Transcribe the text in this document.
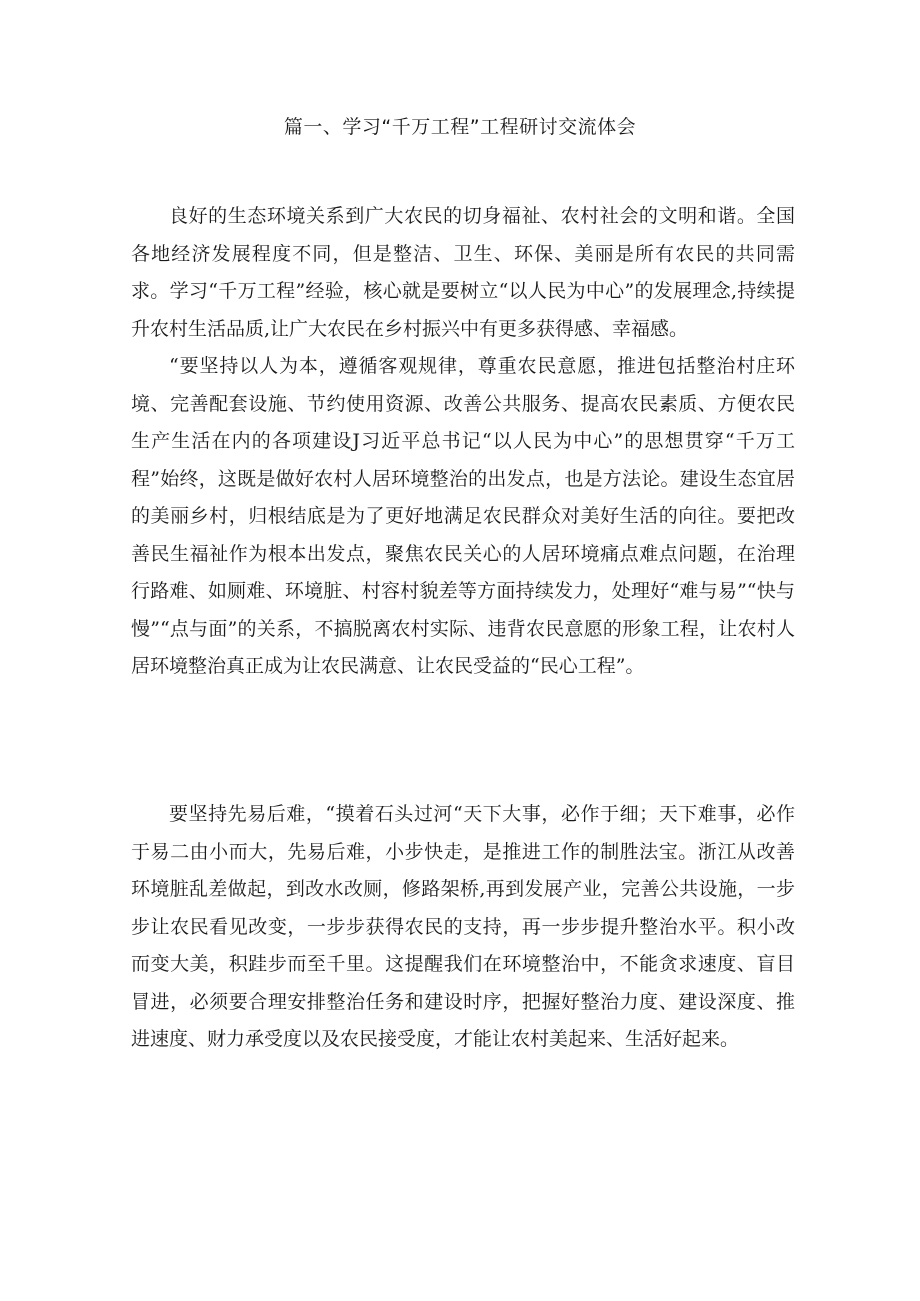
篇一、学习“千万工程”工程研讨交流体会

良好的生态环境关系到广大农民的切身福祉、农村社会的文明和谐。全国各地经济发展程度不同，但是整洁、卫生、环保、美丽是所有农民的共同需求。学习“千万工程”经验，核心就是要树立“以人民为中心”的发展理念,持续提升农村生活品质,让广大农民在乡村振兴中有更多获得感、幸福感。

“要坚持以人为本，遵循客观规律，尊重农民意愿，推进包括整治村庄环境、完善配套设施、节约使用资源、改善公共服务、提高农民素质、方便农民生产生活在内的各项建设J习近平总书记“以人民为中心”的思想贯穿“千万工程”始终，这既是做好农村人居环境整治的出发点，也是方法论。建设生态宜居的美丽乡村，归根结底是为了更好地满足农民群众对美好生活的向往。要把改善民生福祉作为根本出发点，聚焦农民关心的人居环境痛点难点问题，在治理行路难、如厕难、环境脏、村容村貌差等方面持续发力，处理好“难与易”“快与慢”“点与面”的关系，不搞脱离农村实际、违背农民意愿的形象工程，让农村人居环境整治真正成为让农民满意、让农民受益的“民心工程”。

要坚持先易后难，“摸着石头过河“天下大事，必作于细；天下难事，必作于易二由小而大，先易后难，小步快走，是推进工作的制胜法宝。浙江从改善环境脏乱差做起，到改水改厕，修路架桥,再到发展产业，完善公共设施，一步步让农民看见改变，一步步获得农民的支持，再一步步提升整治水平。积小改而变大美，积跬步而至千里。这提醒我们在环境整治中，不能贪求速度、盲目冒进，必须要合理安排整治任务和建设时序，把握好整治力度、建设深度、推进速度、财力承受度以及农民接受度，才能让农村美起来、生活好起来。
